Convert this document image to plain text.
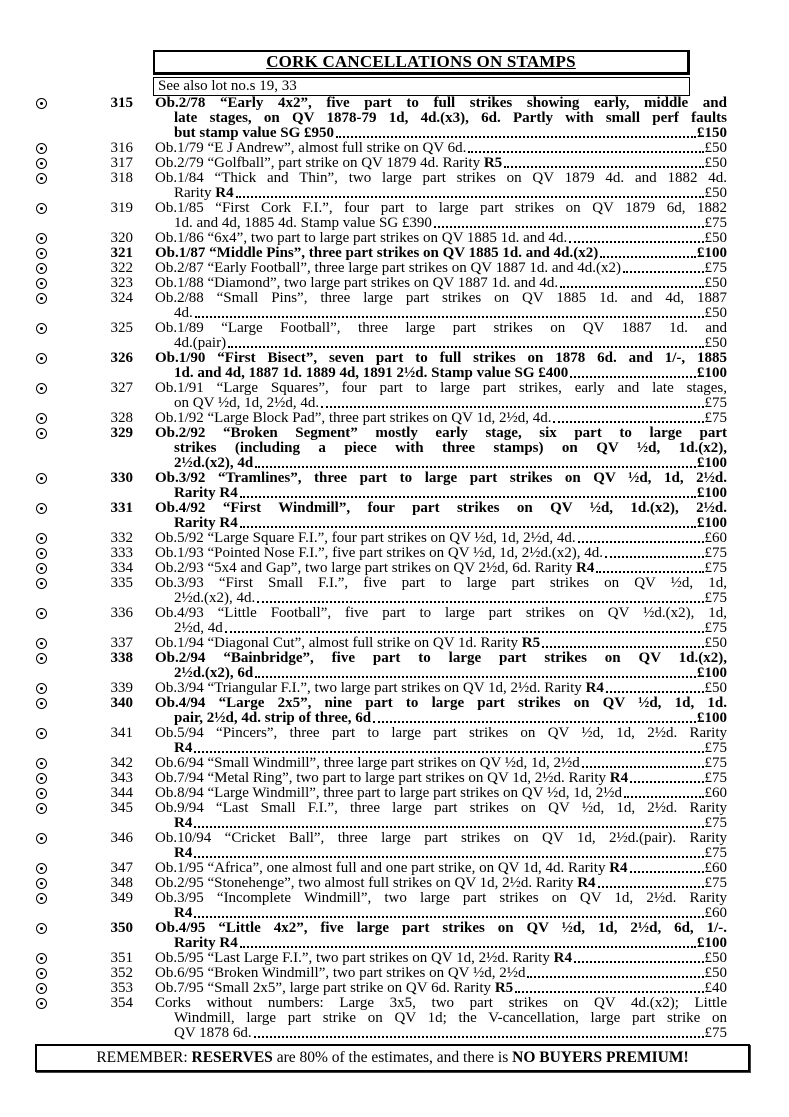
CORK CANCELLATIONS ON STAMPS
See also lot no.s 19, 33
315 Ob.2/78 “Early 4x2”, five part to full strikes showing early, middle and
late stages, on QV 1878-79 1d, 4d.(x3), 6d. Partly with small perf faults
but stamp value SG £950	£150
316 Ob.1/79 “E J Andrew”, almost full strike on QV 6d.	£50
317 Ob.2/79 “Golfball”, part strike on QV 1879 4d. Rarity R5	£50
318 Ob.1/84 “Thick and Thin”, two large part strikes on QV 1879 4d. and 1882 4d.
Rarity R4	£50
319 Ob.1/85 “First Cork F.I.”, four part to large part strikes on QV 1879 6d, 1882
1d. and 4d, 1885 4d. Stamp value SG £390	£75
320 Ob.1/86 “6x4”, two part to large part strikes on QV 1885 1d. and 4d.	£50
321 Ob.1/87 “Middle Pins”, three part strikes on QV 1885 1d. and 4d.(x2)	£100
322 Ob.2/87 “Early Football”, three large part strikes on QV 1887 1d. and 4d.(x2)	£75
323 Ob.1/88 “Diamond”, two large part strikes on QV 1887 1d. and 4d.	£50
324 Ob.2/88 “Small Pins”, three large part strikes on QV 1885 1d. and 4d, 1887
4d.	£50
325 Ob.1/89 “Large Football”, three large part strikes on QV 1887 1d. and
4d.(pair)	£50
326 Ob.1/90 “First Bisect”, seven part to full strikes on 1878 6d. and 1/-, 1885
1d. and 4d, 1887 1d. 1889 4d, 1891 2½d. Stamp value SG £400	£100
327 Ob.1/91 “Large Squares”, four part to large part strikes, early and late stages,
on QV ½d, 1d, 2½d, 4d.	£75
328 Ob.1/92 “Large Block Pad”, three part strikes on QV 1d, 2½d, 4d.	£75
329 Ob.2/92 “Broken Segment” mostly early stage, six part to large part
strikes (including a piece with three stamps) on QV ½d, 1d.(x2),
2½d.(x2), 4d	£100
330 Ob.3/92 “Tramlines”, three part to large part strikes on QV ½d, 1d, 2½d.
Rarity R4	£100
331 Ob.4/92 “First Windmill”, four part strikes on QV ½d, 1d.(x2), 2½d.
Rarity R4	£100
332 Ob.5/92 “Large Square F.I.”, four part strikes on QV ½d, 1d, 2½d, 4d.	£60
333 Ob.1/93 “Pointed Nose F.I.”, five part strikes on QV ½d, 1d, 2½d.(x2), 4d.	£75
334 Ob.2/93 “5x4 and Gap”, two large part strikes on QV 2½d, 6d. Rarity R4	£75
335 Ob.3/93 “First Small F.I.”, five part to large part strikes on QV ½d, 1d,
2½d.(x2), 4d.	£75
336 Ob.4/93 “Little Football”, five part to large part strikes on QV ½d.(x2), 1d,
2½d, 4d	£75
337 Ob.1/94 “Diagonal Cut”, almost full strike on QV 1d. Rarity R5	£50
338 Ob.2/94 “Bainbridge”, five part to large part strikes on QV 1d.(x2),
2½d.(x2), 6d	£100
339 Ob.3/94 “Triangular F.I.”, two large part strikes on QV 1d, 2½d. Rarity R4	£50
340 Ob.4/94 “Large 2x5”, nine part to large part strikes on QV ½d, 1d, 1d.
pair, 2½d, 4d. strip of three, 6d	£100
341 Ob.5/94 “Pincers”, three part to large part strikes on QV ½d, 1d, 2½d. Rarity
R4	£75
342 Ob.6/94 “Small Windmill”, three large part strikes on QV ½d, 1d, 2½d	£75
343 Ob.7/94 “Metal Ring”, two part to large part strikes on QV 1d, 2½d. Rarity R4	£75
344 Ob.8/94 “Large Windmill”, three part to large part strikes on QV ½d, 1d, 2½d	£60
345 Ob.9/94 “Last Small F.I.”, three large part strikes on QV ½d, 1d, 2½d. Rarity
R4	£75
346 Ob.10/94 “Cricket Ball”, three large part strikes on QV 1d, 2½d.(pair). Rarity
R4	£75
347 Ob.1/95 “Africa”, one almost full and one part strike, on QV 1d, 4d. Rarity R4	£60
348 Ob.2/95 “Stonehenge”, two almost full strikes on QV 1d, 2½d. Rarity R4	£75
349 Ob.3/95 “Incomplete Windmill”, two large part strikes on QV 1d, 2½d. Rarity
R4	£60
350 Ob.4/95 “Little 4x2”, five large part strikes on QV ½d, 1d, 2½d, 6d, 1/-.
Rarity R4	£100
351 Ob.5/95 “Last Large F.I.”, two part strikes on QV 1d, 2½d. Rarity R4	£50
352 Ob.6/95 “Broken Windmill”, two part strikes on QV ½d, 2½d	£50
353 Ob.7/95 “Small 2x5”, large part strike on QV 6d. Rarity R5	£40
354 Corks without numbers: Large 3x5, two part strikes on QV 4d.(x2); Little
Windmill, large part strike on QV 1d; the V-cancellation, large part strike on
QV 1878 6d.	£75
REMEMBER: RESERVES are 80% of the estimates, and there is NO BUYERS PREMIUM!
